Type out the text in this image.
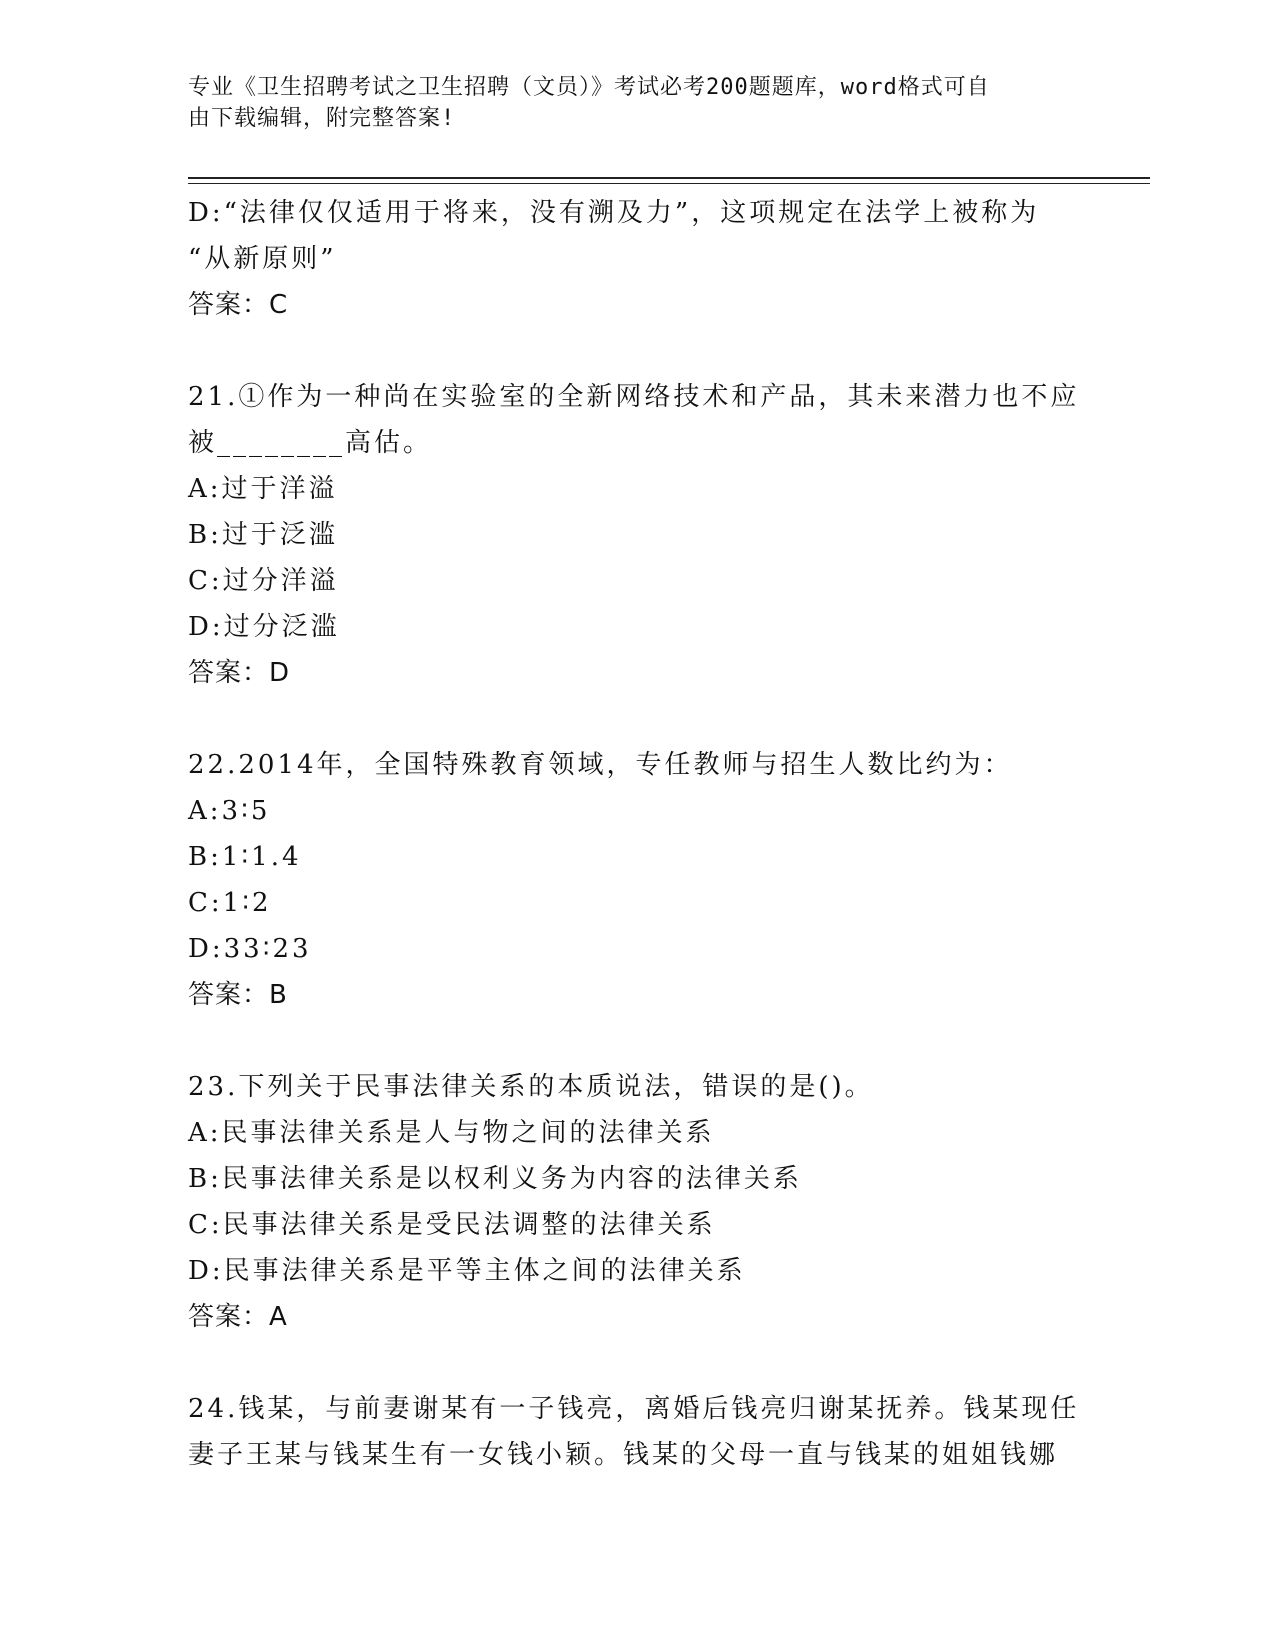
专业《卫生招聘考试之卫生招聘（文员）》考试必考200题题库，word格式可自
由下载编辑，附完整答案!
D:“法律仅仅适用于将来，没有溯及力”，这项规定在法学上被称为
“从新原则”
答案：C
21.①作为一种尚在实验室的全新网络技术和产品，其未来潜力也不应
被________高估。
A:过于洋溢
B:过于泛滥
C:过分洋溢
D:过分泛滥
答案：D
22.2014年，全国特殊教育领域，专任教师与招生人数比约为：
A:3∶5
B:1∶1.4
C:1∶2
D:33∶23
答案：B
23.下列关于民事法律关系的本质说法，错误的是()。
A:民事法律关系是人与物之间的法律关系
B:民事法律关系是以权利义务为内容的法律关系
C:民事法律关系是受民法调整的法律关系
D:民事法律关系是平等主体之间的法律关系
答案：A
24.钱某，与前妻谢某有一子钱亮，离婚后钱亮归谢某抚养。钱某现任
妻子王某与钱某生有一女钱小颖。钱某的父母一直与钱某的姐姐钱娜
